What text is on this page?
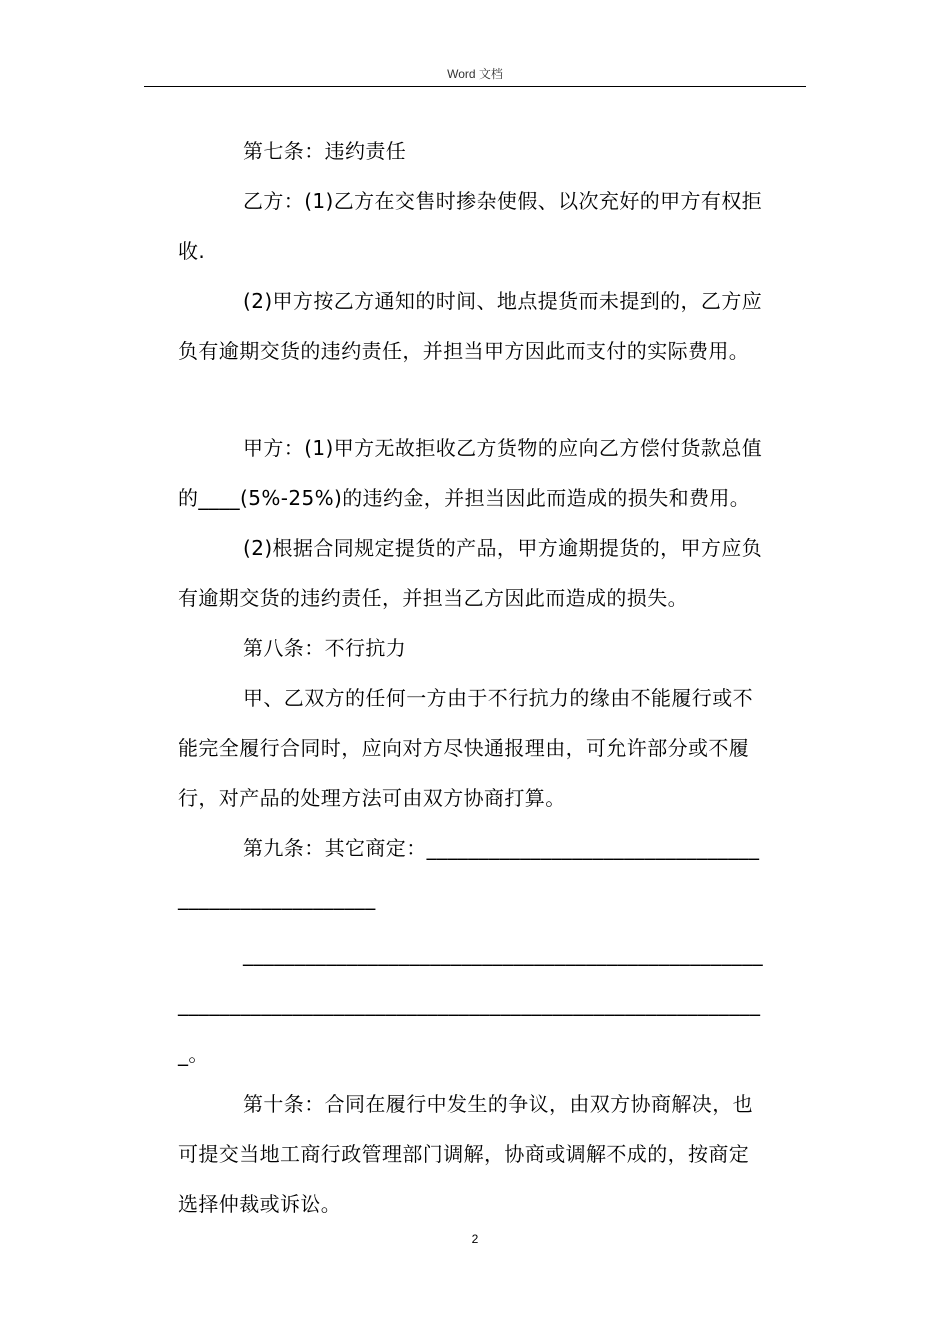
Word 文档

第七条：违约责任

乙方：(1)乙方在交售时掺杂使假、以次充好的甲方有权拒

收.

(2)甲方按乙方通知的时间、地点提货而未提到的，乙方应

负有逾期交货的违约责任，并担当甲方因此而支付的实际费用。

甲方：(1)甲方无故拒收乙方货物的应向乙方偿付货款总值

的____(5%-25%)的违约金，并担当因此而造成的损失和费用。

(2)根据合同规定提货的产品，甲方逾期提货的，甲方应负

有逾期交货的违约责任，并担当乙方因此而造成的损失。

第八条：不行抗力

甲、乙双方的任何一方由于不行抗力的缘由不能履行或不

能完全履行合同时，应向对方尽快通报理由，可允许部分或不履

行，对产品的处理方法可由双方协商打算。

第九条：其它商定：________________________________

___________________

__________________________________________________

________________________________________________________

_。

第十条：合同在履行中发生的争议，由双方协商解决，也

可提交当地工商行政管理部门调解，协商或调解不成的，按商定

选择仲裁或诉讼。

2
